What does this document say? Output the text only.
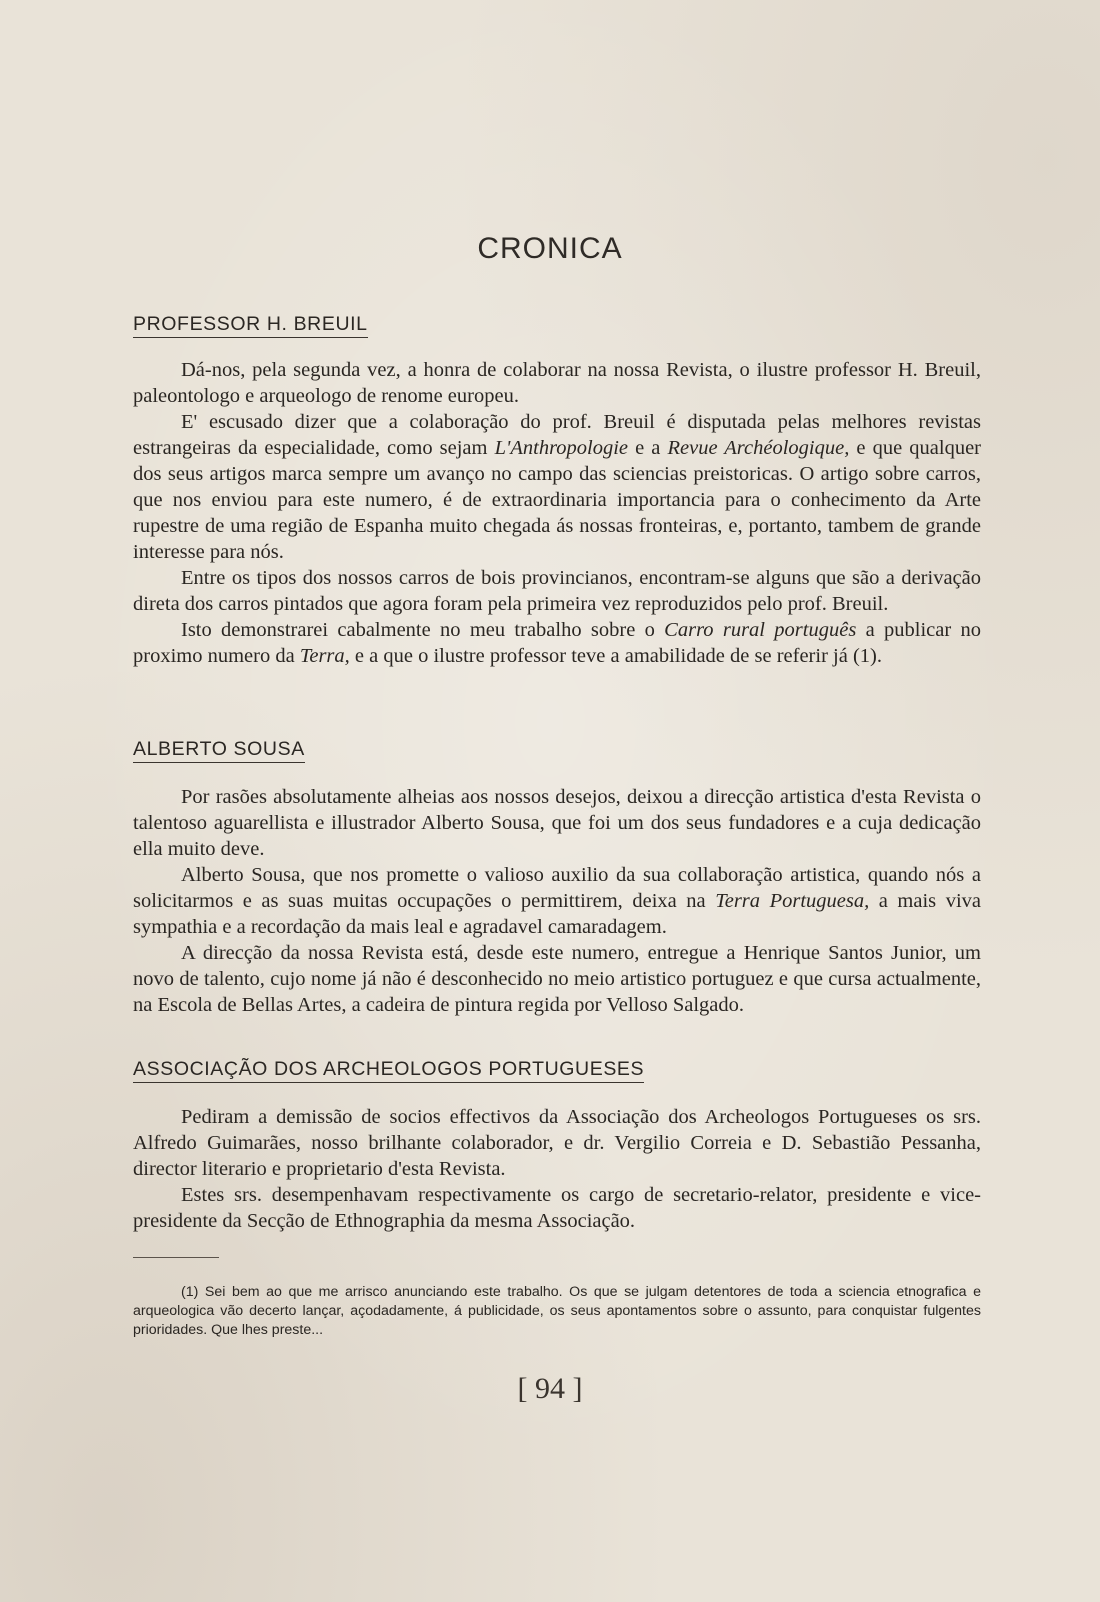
CRONICA
PROFESSOR H. BREUIL

Dá-nos, pela segunda vez, a honra de colaborar na nossa Revista, o ilustre professor H. Breuil, paleontologo e arqueologo de renome europeu.

E' escusado dizer que a colaboração do prof. Breuil é disputada pelas melhores revistas estrangeiras da especialidade, como sejam L'Anthropologie e a Revue Archéologique, e que qualquer dos seus artigos marca sempre um avanço no campo das sciencias preistoricas. O artigo sobre carros, que nos enviou para este numero, é de extraordinaria importancia para o conhecimento da Arte rupestre de uma região de Espanha muito chegada ás nossas fronteiras, e, portanto, tambem de grande interesse para nós.

Entre os tipos dos nossos carros de bois provincianos, encontram-se alguns que são a derivação direta dos carros pintados que agora foram pela primeira vez reproduzidos pelo prof. Breuil.

Isto demonstrarei cabalmente no meu trabalho sobre o Carro rural português a publicar no proximo numero da Terra, e a que o ilustre professor teve a amabilidade de se referir já (1).

ALBERTO SOUSA

Por rasões absolutamente alheias aos nossos desejos, deixou a direcção artistica d'esta Revista o talentoso aguarellista e illustrador Alberto Sousa, que foi um dos seus fundadores e a cuja dedicação ella muito deve.

Alberto Sousa, que nos promette o valioso auxilio da sua collaboração artistica, quando nós a solicitarmos e as suas muitas occupações o permittirem, deixa na Terra Portuguesa, a mais viva sympathia e a recordação da mais leal e agradavel camaradagem.

A direcção da nossa Revista está, desde este numero, entregue a Henrique Santos Junior, um novo de talento, cujo nome já não é desconhecido no meio artistico portuguez e que cursa actualmente, na Escola de Bellas Artes, a cadeira de pintura regida por Velloso Salgado.

ASSOCIAÇÃO DOS ARCHEOLOGOS PORTUGUESES

Pediram a demissão de socios effectivos da Associação dos Archeologos Portugueses os srs. Alfredo Guimarães, nosso brilhante colaborador, e dr. Vergilio Correia e D. Sebastião Pessanha, director literario e proprietario d'esta Revista.

Estes srs. desempenhavam respectivamente os cargo de secretario-relator, presidente e vice-presidente da Secção de Ethnographia da mesma Associação.

(1) Sei bem ao que me arrisco anunciando este trabalho. Os que se julgam detentores de toda a sciencia etnografica e arqueologica vão decerto lançar, açodadamente, á publicidade, os seus apontamentos sobre o assunto, para conquistar fulgentes prioridades. Que lhes preste...

[ 94 ]
